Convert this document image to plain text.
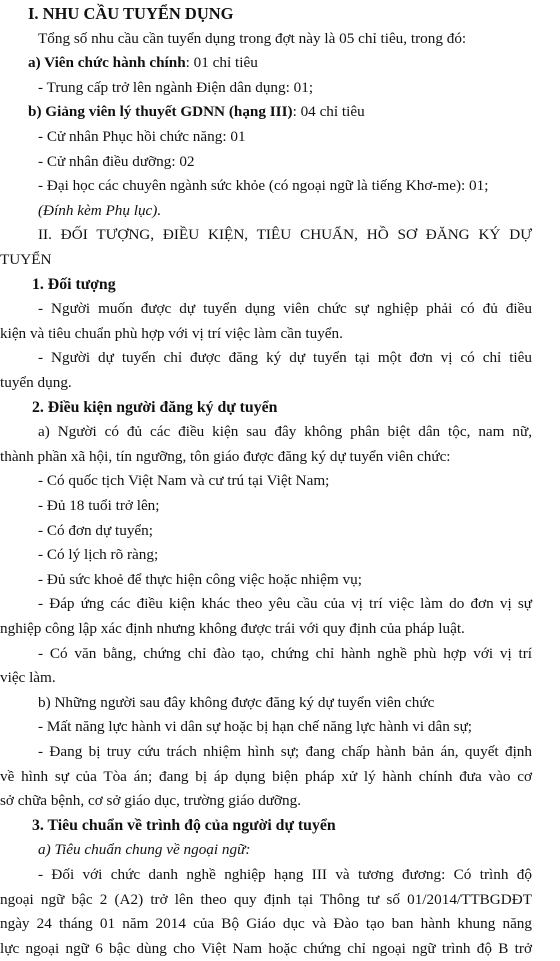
I. NHU CẦU TUYỂN DỤNG
Tổng số nhu cầu cần tuyển dụng trong đợt này là 05 chỉ tiêu, trong đó:
a) Viên chức hành chính: 01 chỉ tiêu
- Trung cấp trở lên ngành Điện dân dụng: 01;
b) Giảng viên lý thuyết GDNN (hạng III): 04 chỉ tiêu
- Cử nhân Phục hồi chức năng: 01
- Cử nhân điều dưỡng: 02
- Đại học các chuyên ngành sức khỏe (có ngoại ngữ là tiếng Khơ-me): 01;
(Đính kèm Phụ lục).
II. ĐỐI TƯỢNG, ĐIỀU KIỆN, TIÊU CHUẨN, HỒ SƠ ĐĂNG KÝ DỰ
TUYỂN
1. Đối tượng
- Người muốn được dự tuyển dụng viên chức sự nghiệp phải có đủ điều
kiện và tiêu chuẩn phù hợp với vị trí việc làm cần tuyển.
- Người dự tuyển chỉ được đăng ký dự tuyển tại một đơn vị có chỉ tiêu
tuyển dụng.
2. Điều kiện người đăng ký dự tuyển
a) Người có đủ các điều kiện sau đây không phân biệt dân tộc, nam nữ,
thành phần xã hội, tín ngưỡng, tôn giáo được đăng ký dự tuyển viên chức:
- Có quốc tịch Việt Nam và cư trú tại Việt Nam;
- Đủ 18 tuổi trở lên;
- Có đơn dự tuyển;
- Có lý lịch rõ ràng;
- Đủ sức khoẻ để thực hiện công việc hoặc nhiệm vụ;
- Đáp ứng các điều kiện khác theo yêu cầu của vị trí việc làm do đơn vị sự
nghiệp công lập xác định nhưng không được trái với quy định của pháp luật.
- Có văn bằng, chứng chỉ đào tạo, chứng chỉ hành nghề phù hợp với vị trí
việc làm.
b) Những người sau đây không được đăng ký dự tuyển viên chức
- Mất năng lực hành vi dân sự hoặc bị hạn chế năng lực hành vi dân sự;
- Đang bị truy cứu trách nhiệm hình sự; đang chấp hành bản án, quyết định
về hình sự của Tòa án; đang bị áp dụng biện pháp xử lý hành chính đưa vào cơ
sở chữa bệnh, cơ sở giáo dục, trường giáo dưỡng.
3. Tiêu chuẩn về trình độ của người dự tuyển
a) Tiêu chuẩn chung về ngoại ngữ:
- Đối với chức danh nghề nghiệp hạng III và tương đương: Có trình độ
ngoại ngữ bậc 2 (A2) trở lên theo quy định tại Thông tư số 01/2014/TTBGDĐT
ngày 24 tháng 01 năm 2014 của Bộ Giáo dục và Đào tạo ban hành khung năng
lực ngoại ngữ 6 bậc dùng cho Việt Nam hoặc chứng chỉ ngoại ngữ trình độ B trở
